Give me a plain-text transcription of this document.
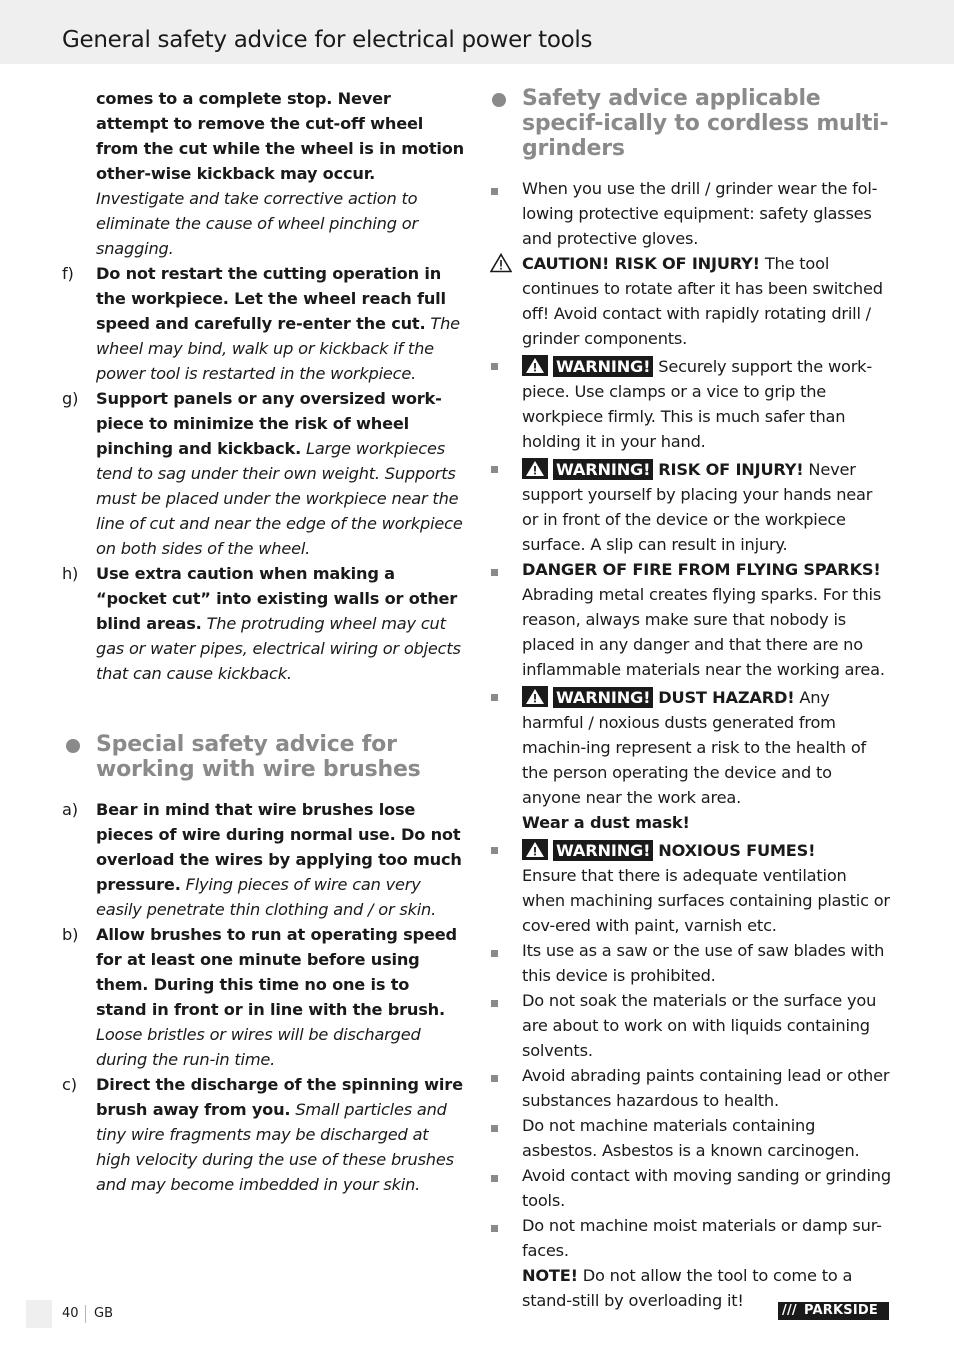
General safety advice for electrical power tools
comes to a complete stop. Never attempt to remove the cut-off wheel from the cut while the wheel is in motion other-wise kickback may occur. Investigate and take corrective action to eliminate the cause of wheel pinching or snagging.
f) Do not restart the cutting operation in the workpiece. Let the wheel reach full speed and carefully re-enter the cut. The wheel may bind, walk up or kickback if the power tool is restarted in the workpiece.
g) Support panels or any oversized work-piece to minimize the risk of wheel pinching and kickback. Large workpieces tend to sag under their own weight. Supports must be placed under the workpiece near the line of cut and near the edge of the workpiece on both sides of the wheel.
h) Use extra caution when making a “pocket cut” into existing walls or other blind areas. The protruding wheel may cut gas or water pipes, electrical wiring or objects that can cause kickback.
Special safety advice for working with wire brushes
a) Bear in mind that wire brushes lose pieces of wire during normal use. Do not overload the wires by applying too much pressure. Flying pieces of wire can very easily penetrate thin clothing and / or skin.
b) Allow brushes to run at operating speed for at least one minute before using them. During this time no one is to stand in front or in line with the brush. Loose bristles or wires will be discharged during the run-in time.
c) Direct the discharge of the spinning wire brush away from you. Small particles and tiny wire fragments may be discharged at high velocity during the use of these brushes and may become imbedded in your skin.
Safety advice applicable specif-ically to cordless multi-grinders
When you use the drill / grinder wear the fol-lowing protective equipment: safety glasses and protective gloves.
CAUTION! RISK OF INJURY! The tool continues to rotate after it has been switched off! Avoid contact with rapidly rotating drill / grinder components.
WARNING! Securely support the work-piece. Use clamps or a vice to grip the workpiece firmly. This is much safer than holding it in your hand.
WARNING! RISK OF INJURY! Never support yourself by placing your hands near or in front of the device or the workpiece surface. A slip can result in injury.
DANGER OF FIRE FROM FLYING SPARKS! Abrading metal creates flying sparks. For this reason, always make sure that nobody is placed in any danger and that there are no inflammable materials near the working area.
WARNING! DUST HAZARD! Any harmful / noxious dusts generated from machin-ing represent a risk to the health of the person operating the device and to anyone near the work area.
Wear a dust mask!
WARNING! NOXIOUS FUMES!
Ensure that there is adequate ventilation when machining surfaces containing plastic or cov-ered with paint, varnish etc.
Its use as a saw or the use of saw blades with this device is prohibited.
Do not soak the materials or the surface you are about to work on with liquids containing solvents.
Avoid abrading paints containing lead or other substances hazardous to health.
Do not machine materials containing asbestos. Asbestos is a known carcinogen.
Avoid contact with moving sanding or grinding tools.
Do not machine moist materials or damp sur-faces.
NOTE! Do not allow the tool to come to a stand-still by overloading it!
40 GB	/// PARKSIDE
